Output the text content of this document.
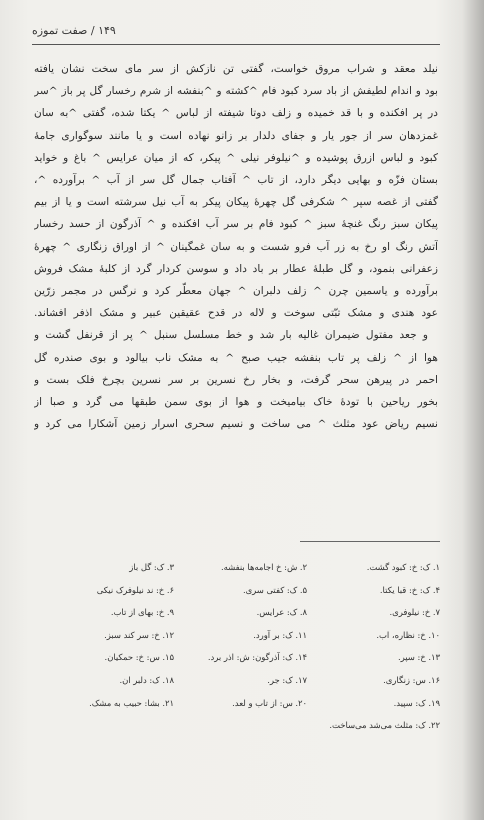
۱۴۹ / صفت تموزه
نیلد معقد و شراب مروق خواست، گفتی تن نازکش از سر مای سخت نشان یافته
بود و اندام لطیفش از باد سرد کبود فام ^کشته و ^بنفشه از شرم رخسار گل پر باز ^سر
در پر افکنده و با قد خمیده و زلف دوتا شیفته از لباس ^ یکتا شده، گفتی ^به سان
غمزدهان سر از جور یار و جفای دلدار بر زانو نهاده است و یا مانند سوگواری جامهٔ
کبود و لباس ازرق پوشیده و ^نیلوفر نیلی ^ پیکر، که از میان عرایس ^ باغ و خواید
بستان فزّه و بهایی دیگر دارد، از تاب ^ آفتاب جمال گل سر از آب ^ برآورده ^،
گفتی از غصه سپر ^ شکرفی گل چهرهٔ پیکان پیکر به آب نیل سرشته است و یا از بیم
پیکان سبز رنگ غنچهٔ سبز ^ کبود فام بر سر آب افکنده و ^ آذرگون از حسد رخسار
آتش رنگ او رخ به زر آب فرو شست و به سان غمگینان ^ از اوراق زنگاری ^ چهرهٔ
زعفرانی بنمود، و گل طبلهٔ عطار بر باد داد و سوسن کردار گرد از کلبهٔ مشک فروش
برآورده و یاسمین چرن ^ زلف دلبران ^ جهان معطّر کرد و نرگس در مجمر زرّین
عود هندی و مشک تبّتی سوخت و لاله در قدح عقیقین عبیر و مشک اذفر افشاند.
و جعد مفتول ضیمران غالیه بار شد و خط مسلسل سنبل ^ پر از قرنفل گشت و
هوا از ^ زلف پر تاب بنفشه جیب صبح ^ به مشک ناب بیالود و بوی صندره گل
احمر در پیرهن سحر گرفت، و بخار رخ نسرین بر سر نسرین بچرخ فلک بست و
بخور ریاحین با تودهٔ خاک بیامیخت و هوا از بوی سمن طبقها می گرد و صبا از
نسیم ریاض عود مثلث ^ می ساخت و نسیم سحری اسرار زمین آشکارا می کرد و
۱. ک: خ: کبود گشت.
۲. ش: خ اجامه‌ها بنفشه.
۳. ک: گل باز
۴. ک: خ: قبا یکتا.
۵. ک: کفتی سری.
۶. خ: ند نیلوفرک نیکی
۷. خ: نیلوفری.
۸. ک: عرایس.
۹. خ: بهای از تاب.
۱۰. خ: نظاره، اب.
۱۱. ک: بر آورد.
۱۲. خ: سر کند سبز.
۱۳. خ: سپر.
۱۴. ک: آذرگون: ش: اذر برد.
۱۵. س: خ: حمکیان.
۱۶. س: زنگاری.
۱۷. ک: جر.
۱۸. ک: دلبر ان.
۱۹. ک: سپید.
۲۰. س: از تاب و لعد.
۲۱. بشا: حبیب به مشک.
۲۲. ک: مثلث می‌شد می‌ساخت.
